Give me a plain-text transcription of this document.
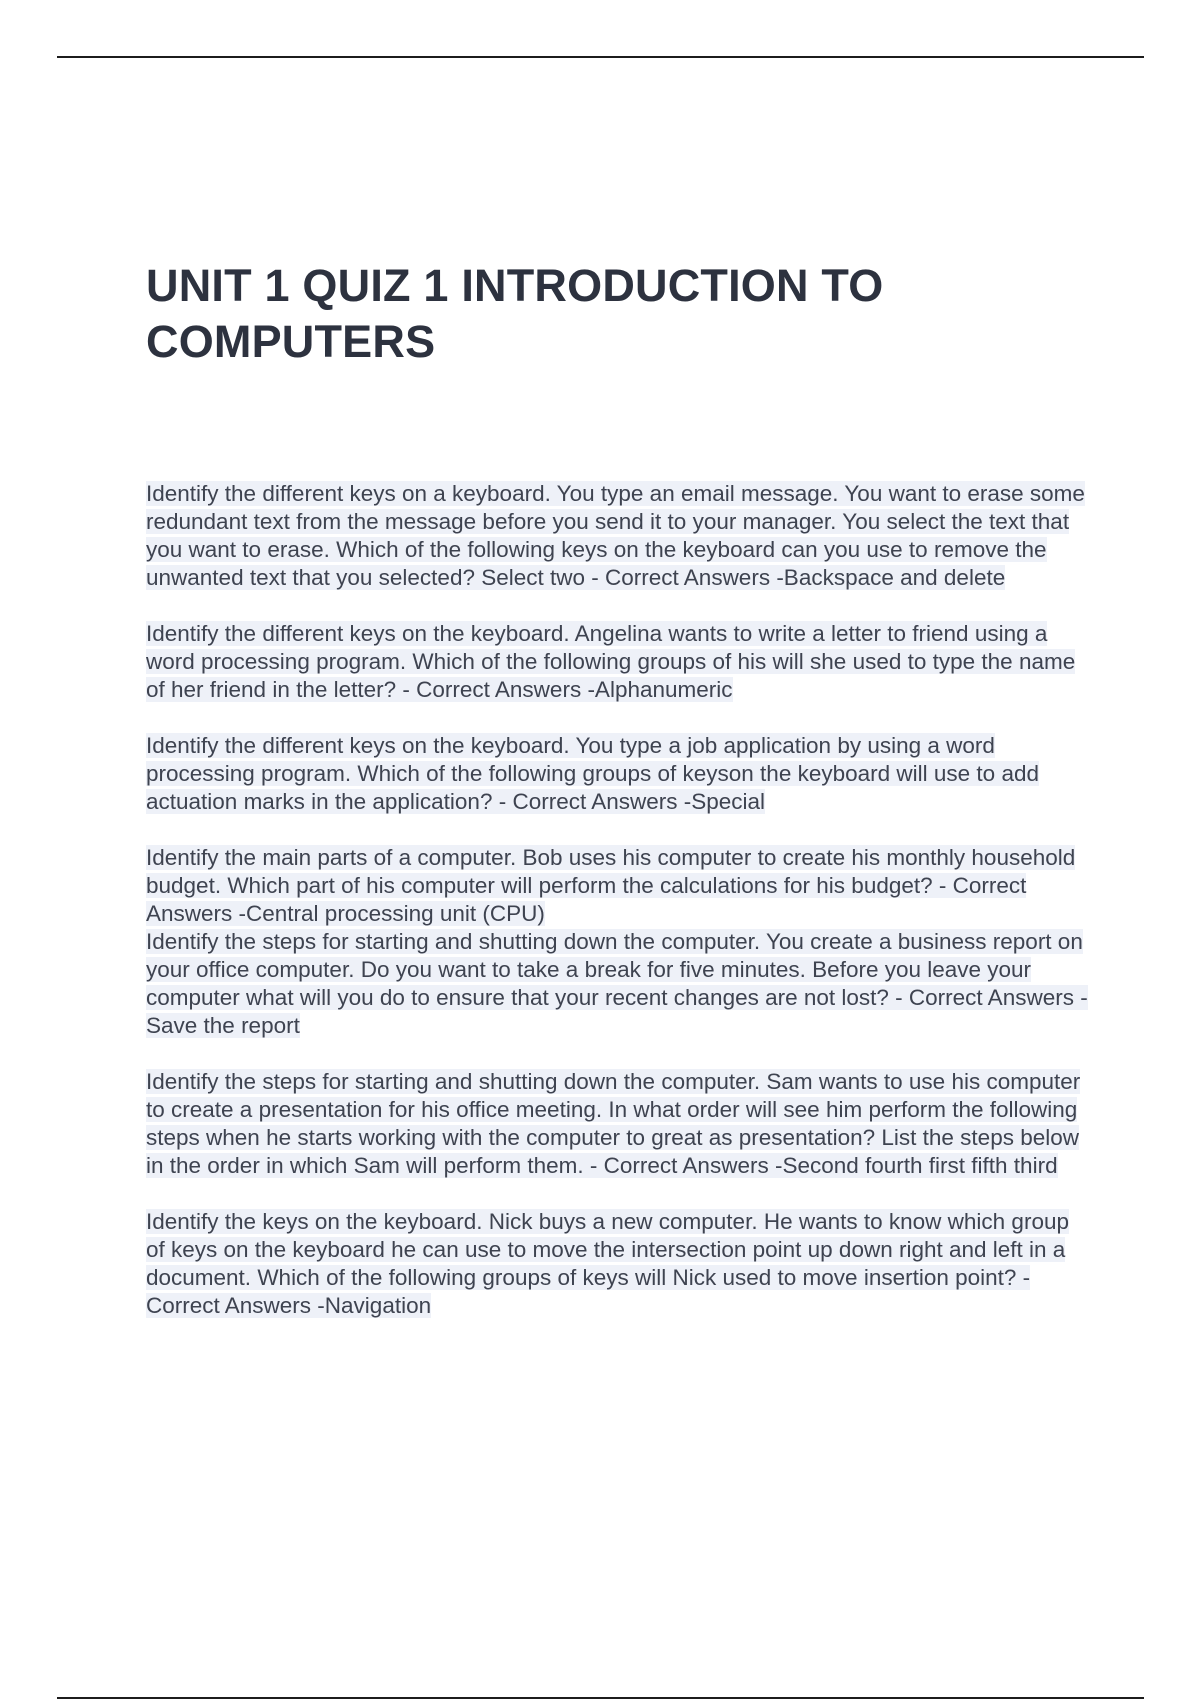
UNIT 1 QUIZ 1 INTRODUCTION TO COMPUTERS

Identify the different keys on a keyboard. You type an email message. You want to erase some redundant text from the message before you send it to your manager. You select the text that you want to erase. Which of the following keys on the keyboard can you use to remove the unwanted text that you selected? Select two - Correct Answers -Backspace and delete

Identify the different keys on the keyboard. Angelina wants to write a letter to friend using a word processing program. Which of the following groups of his will she used to type the name of her friend in the letter? - Correct Answers -Alphanumeric

Identify the different keys on the keyboard. You type a job application by using a word processing program. Which of the following groups of keyson the keyboard will use to add actuation marks in the application? - Correct Answers -Special

Identify the main parts of a computer. Bob uses his computer to create his monthly household budget. Which part of his computer will perform the calculations for his budget? - Correct Answers -Central processing unit (CPU)

Identify the steps for starting and shutting down the computer. You create a business report on your office computer. Do you want to take a break for five minutes. Before you leave your computer what will you do to ensure that your recent changes are not lost? - Correct Answers -Save the report

Identify the steps for starting and shutting down the computer. Sam wants to use his computer to create a presentation for his office meeting. In what order will see him perform the following steps when he starts working with the computer to great as presentation? List the steps below in the order in which Sam will perform them. - Correct Answers -Second fourth first fifth third

Identify the keys on the keyboard. Nick buys a new computer. He wants to know which group of keys on the keyboard he can use to move the intersection point up down right and left in a document. Which of the following groups of keys will Nick used to move insertion point? - Correct Answers -Navigation
